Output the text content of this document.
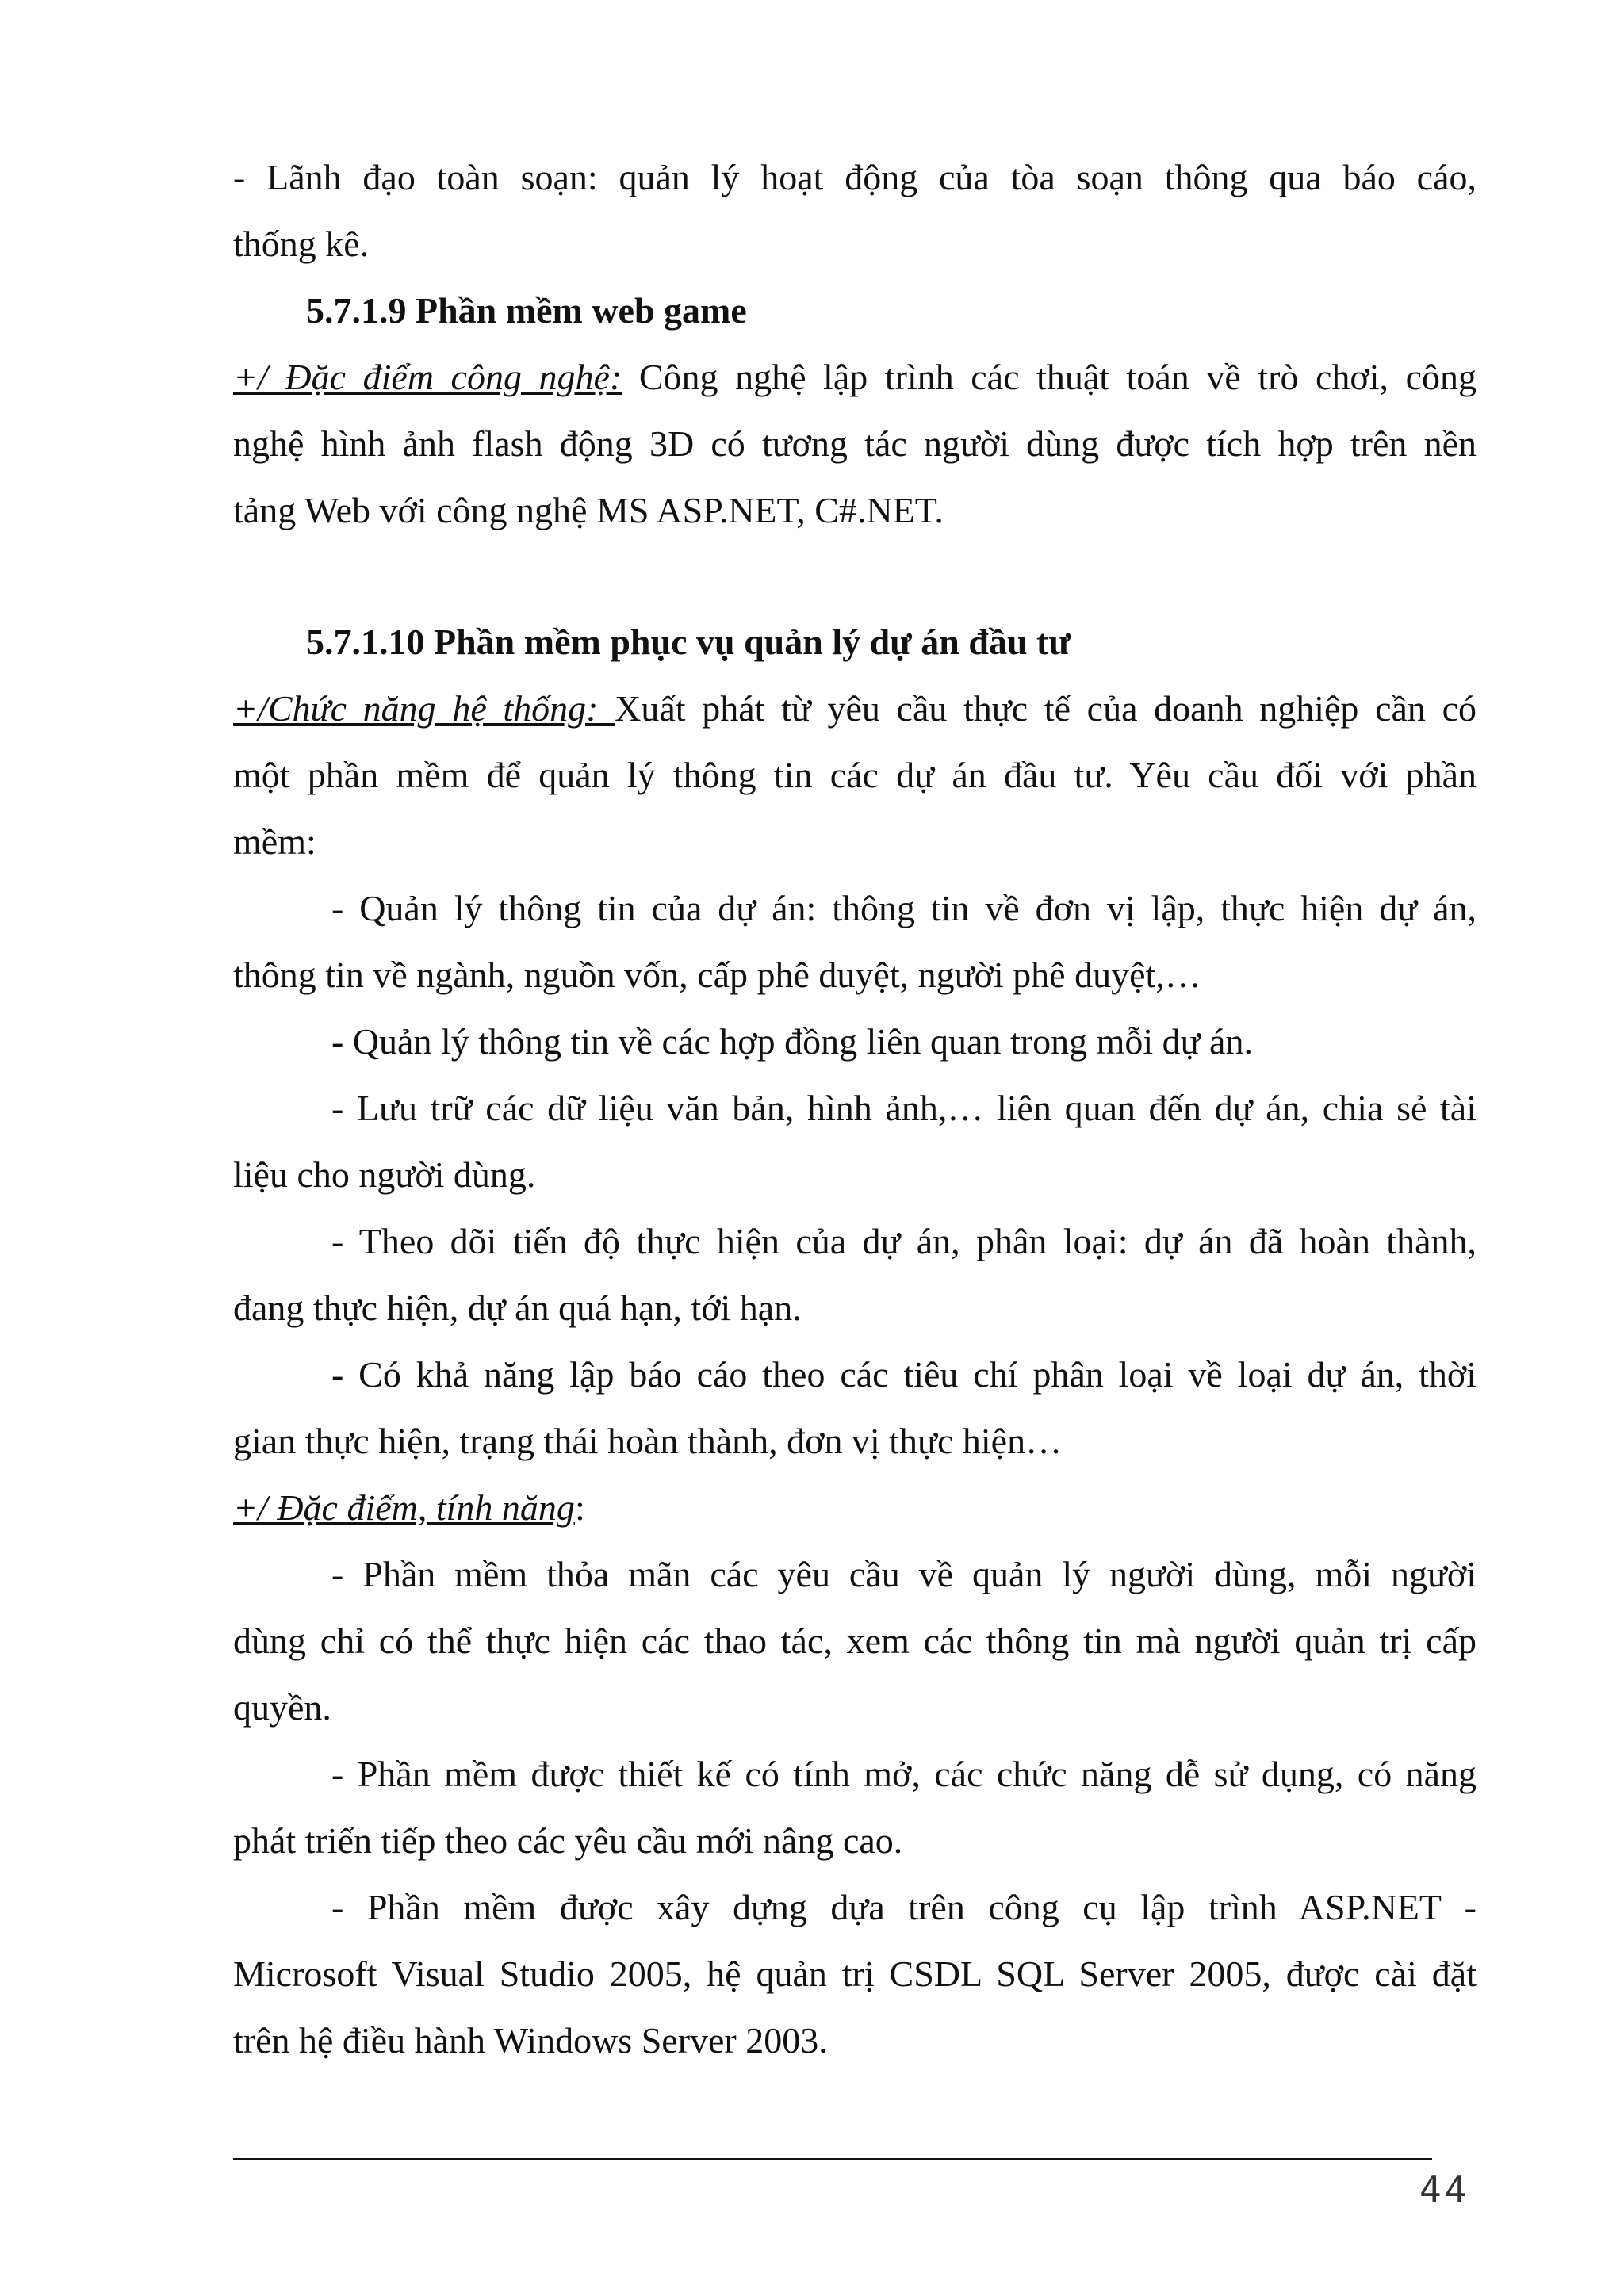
- Lãnh đạo toàn soạn: quản lý hoạt động của tòa soạn thông qua báo cáo,
thống kê.
5.7.1.9 Phần mềm web game
+/ Đặc điểm công nghệ: Công nghệ lập trình các thuật toán về trò chơi, công
nghệ hình ảnh flash động 3D có tương tác người dùng được tích hợp trên nền
tảng Web với công nghệ MS ASP.NET, C#.NET.
5.7.1.10 Phần mềm phục vụ quản lý dự án đầu tư
+/Chức năng hệ thống: Xuất phát từ yêu cầu thực tế của doanh nghiệp cần có
một phần mềm để quản lý thông tin các dự án đầu tư. Yêu cầu đối với phần
mềm:
- Quản lý thông tin của dự án: thông tin về đơn vị lập, thực hiện dự án,
thông tin về ngành, nguồn vốn, cấp phê duyệt, người phê duyệt,…
- Quản lý thông tin về các hợp đồng liên quan trong mỗi dự án.
- Lưu trữ các dữ liệu văn bản, hình ảnh,… liên quan đến dự án, chia sẻ tài
liệu cho người dùng.
- Theo dõi tiến độ thực hiện của dự án, phân loại: dự án đã hoàn thành,
đang thực hiện, dự án quá hạn, tới hạn.
- Có khả năng lập báo cáo theo các tiêu chí phân loại về loại dự án, thời
gian thực hiện, trạng thái hoàn thành, đơn vị thực hiện…
+/ Đặc điểm, tính năng:
- Phần mềm thỏa mãn các yêu cầu về quản lý người dùng, mỗi người
dùng chỉ có thể thực hiện các thao tác, xem các thông tin mà người quản trị cấp
quyền.
- Phần mềm được thiết kế có tính mở, các chức năng dễ sử dụng, có năng
phát triển tiếp theo các yêu cầu mới nâng cao.
- Phần mềm được xây dựng dựa trên công cụ lập trình ASP.NET -
Microsoft Visual Studio 2005, hệ quản trị CSDL SQL Server 2005, được cài đặt
trên hệ điều hành Windows Server 2003.
44
